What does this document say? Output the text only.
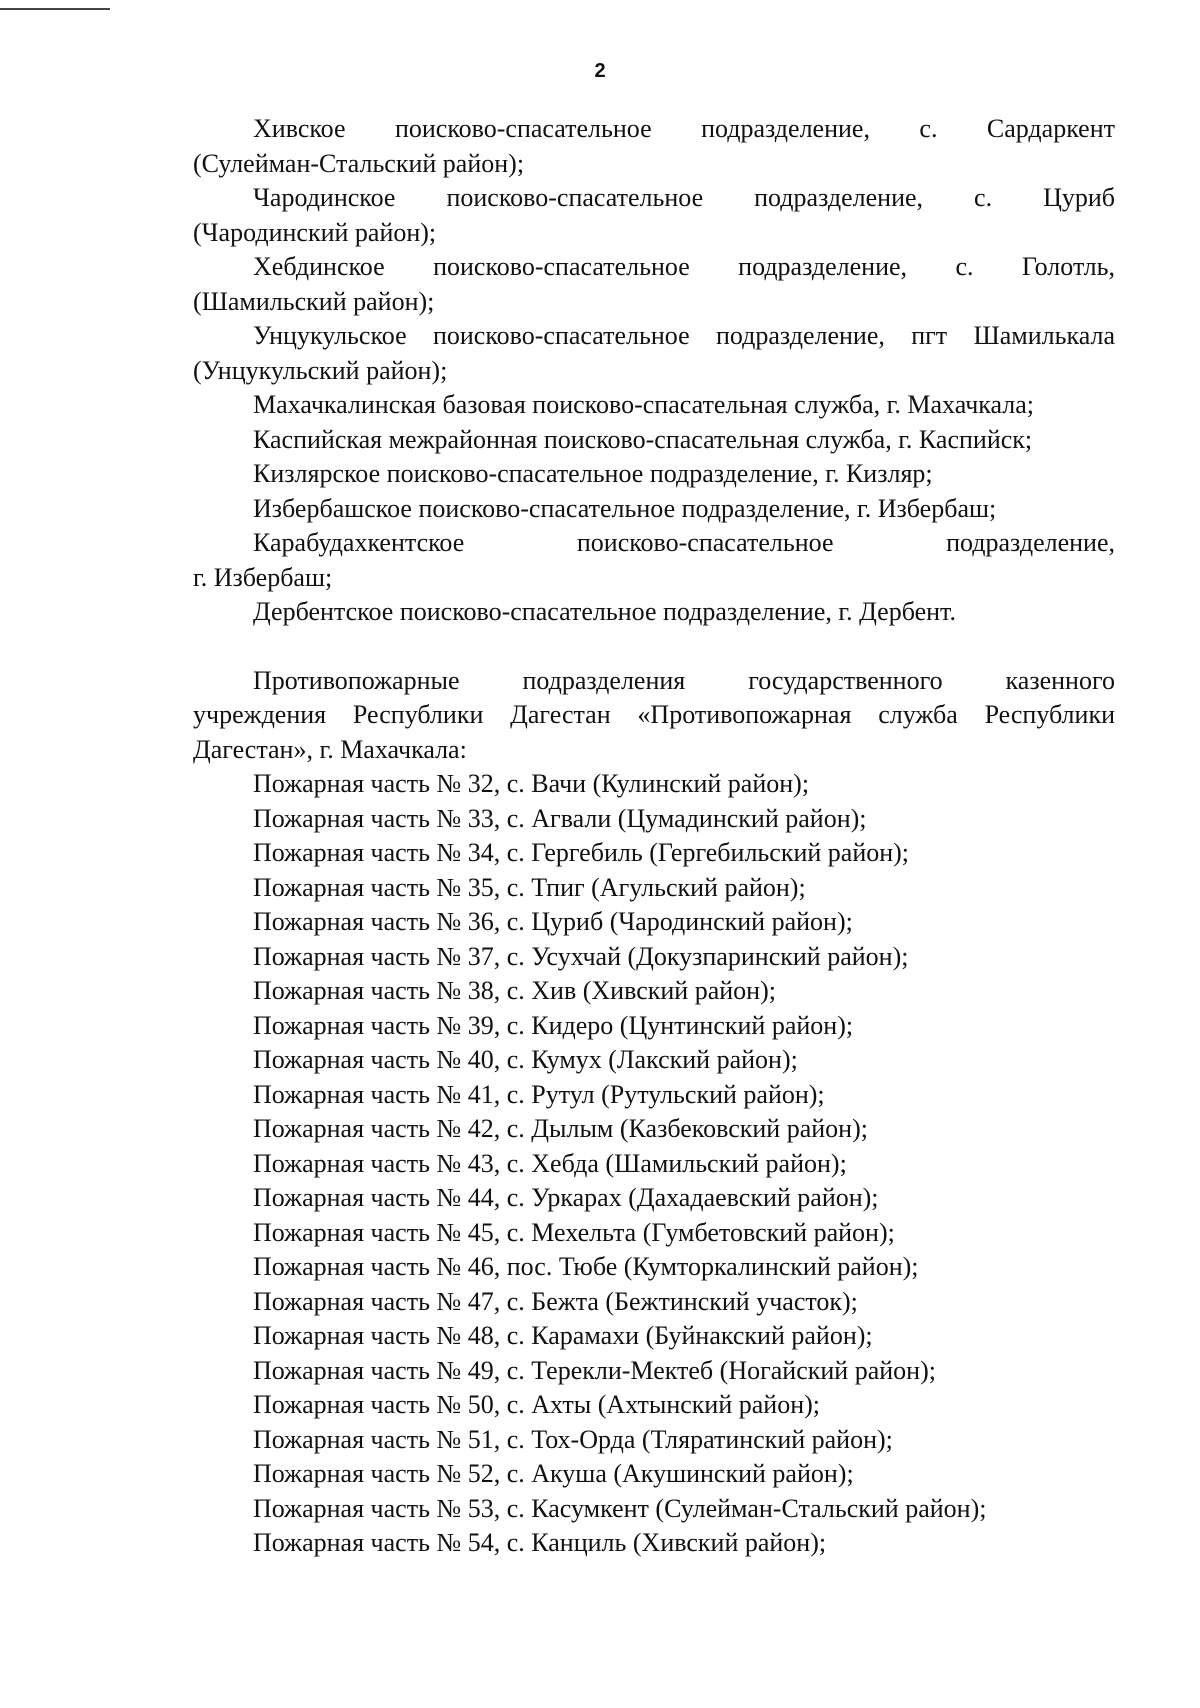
2

Хивское поисково-спасательное подразделение, с. Сардаркент

(Сулейман-Стальский район);

Чародинское поисково-спасательное подразделение, с. Цуриб

(Чародинский район);

Хебдинское поисково-спасательное подразделение, с. Голотль,

(Шамильский район);

Унцукульское поисково-спасательное подразделение, пгт Шамилькала

(Унцукульский район);

Махачкалинская базовая поисково-спасательная служба, г. Махачкала;

Каспийская межрайонная поисково-спасательная служба, г. Каспийск;

Кизлярское поисково-спасательное подразделение, г. Кизляр;

Избербашское поисково-спасательное подразделение, г. Избербаш;

Карабудахкентское	поисково-спасательное	подразделение,

г. Избербаш;

Дербентское поисково-спасательное подразделение, г. Дербент.

Противопожарные подразделения государственного казенного

учреждения Республики Дагестан «Противопожарная служба Республики

Дагестан», г. Махачкала:

Пожарная часть № 32, с. Вачи (Кулинский район);

Пожарная часть № 33, с. Агвали (Цумадинский район);

Пожарная часть № 34, с. Гергебиль (Гергебильский район);

Пожарная часть № 35, с. Тпиг (Агульский район);

Пожарная часть № 36, с. Цуриб (Чародинский район);

Пожарная часть № 37, с. Усухчай (Докузпаринский район);

Пожарная часть № 38, с. Хив (Хивский район);

Пожарная часть № 39, с. Кидеро (Цунтинский район);

Пожарная часть № 40, с. Кумух (Лакский район);

Пожарная часть № 41, с. Рутул (Рутульский район);

Пожарная часть № 42, с. Дылым (Казбековский район);

Пожарная часть № 43, с. Хебда (Шамильский район);

Пожарная часть № 44, с. Уркарах (Дахадаевский район);

Пожарная часть № 45, с. Мехельта (Гумбетовский район);

Пожарная часть № 46, пос. Тюбе (Кумторкалинский район);

Пожарная часть № 47, с. Бежта (Бежтинский участок);

Пожарная часть № 48, с. Карамахи (Буйнакский район);

Пожарная часть № 49, с. Терекли-Мектеб (Ногайский район);

Пожарная часть № 50, с. Ахты (Ахтынский район);

Пожарная часть № 51, с. Тох-Орда (Тляратинский район);

Пожарная часть № 52, с. Акуша (Акушинский район);

Пожарная часть № 53, с. Касумкент (Сулейман-Стальский район);

Пожарная часть № 54, с. Канциль (Хивский район);
